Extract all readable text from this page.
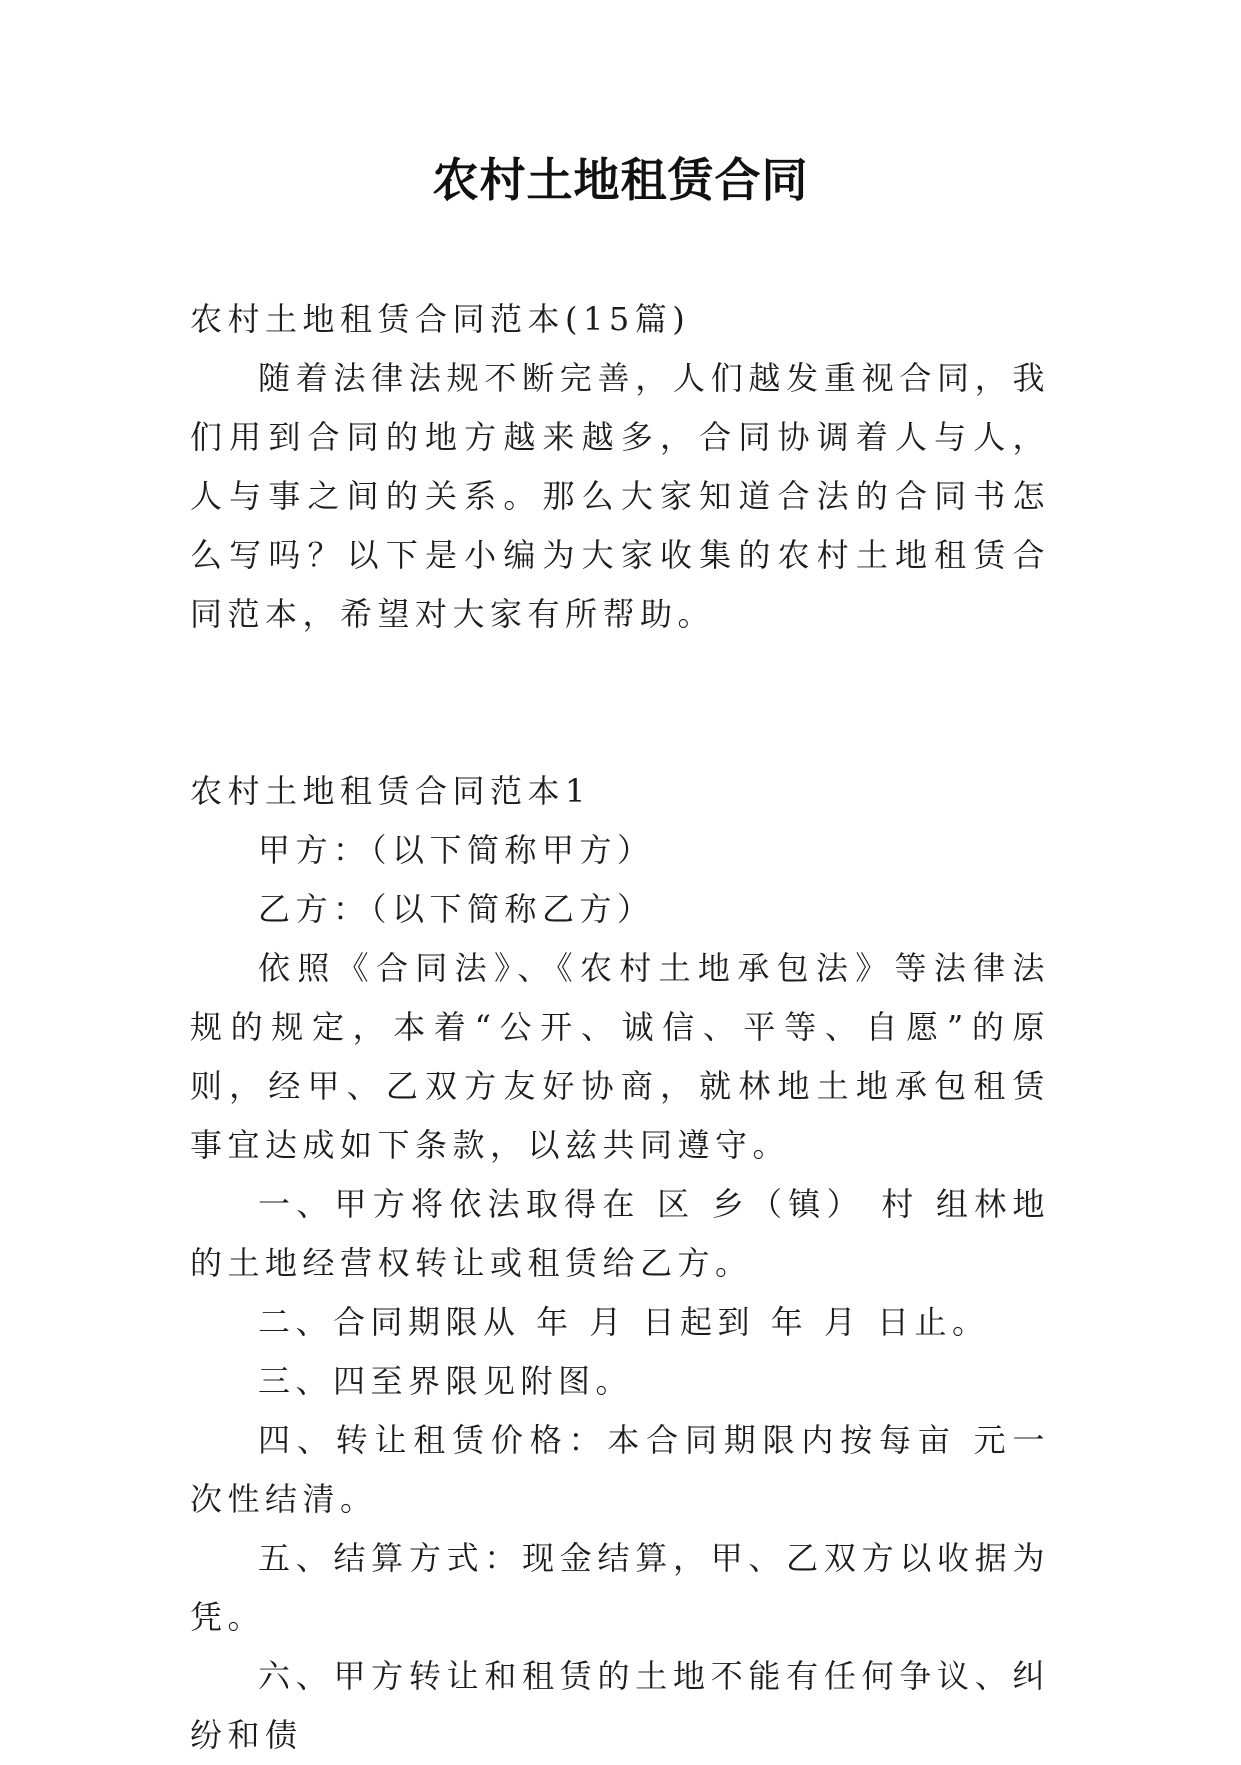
农村土地租赁合同

农村土地租赁合同范本(15篇)

随着法律法规不断完善，人们越发重视合同，我们用到合同的地方越来越多，合同协调着人与人，人与事之间的关系。那么大家知道合法的合同书怎么写吗？以下是小编为大家收集的农村土地租赁合同范本，希望对大家有所帮助。

农村土地租赁合同范本1

甲方：（以下简称甲方）

乙方：（以下简称乙方）

依照《合同法》、《农村土地承包法》等法律法规的规定，本着“公开、诚信、平等、自愿”的原则，经甲、乙双方友好协商，就林地土地承包租赁事宜达成如下条款，以兹共同遵守。

一、甲方将依法取得在 区 乡（镇） 村 组林地的土地经营权转让或租赁给乙方。

二、合同期限从 年 月 日起到 年 月 日止。

三、四至界限见附图。

四、转让租赁价格：本合同期限内按每亩 元一次性结清。

五、结算方式：现金结算，甲、乙双方以收据为凭。

六、甲方转让和租赁的土地不能有任何争议、纠纷和债
